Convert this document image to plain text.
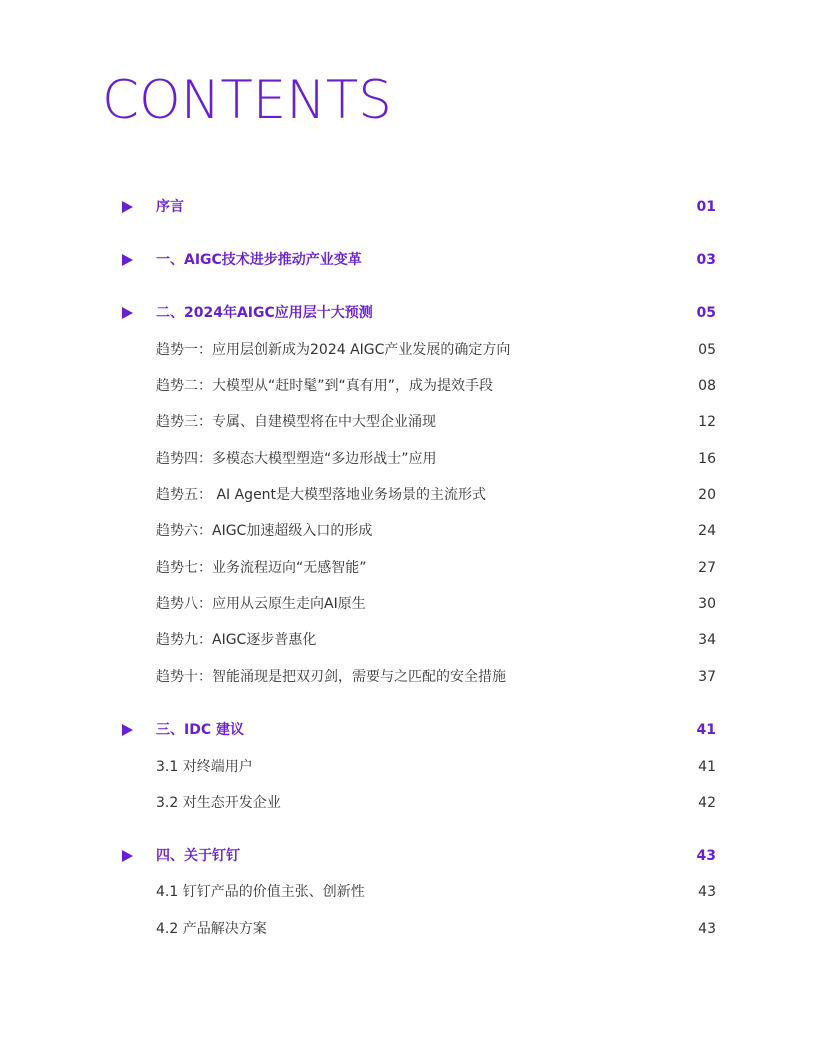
CONTENTS
序言	01
一、AIGC技术进步推动产业变革	03
二、2024年AIGC应用层十大预测	05
趋势一：应用层创新成为2024 AIGC产业发展的确定方向	05
趋势二：大模型从“赶时髦”到“真有用”，成为提效手段	08
趋势三：专属、自建模型将在中大型企业涌现	12
趋势四：多模态大模型塑造“多边形战士”应用	16
趋势五： AI Agent是大模型落地业务场景的主流形式	20
趋势六：AIGC加速超级入口的形成	24
趋势七：业务流程迈向“无感智能”	27
趋势八：应用从云原生走向AI原生	30
趋势九：AIGC逐步普惠化	34
趋势十：智能涌现是把双刃剑，需要与之匹配的安全措施	37
三、IDC 建议	41
3.1 对终端用户	41
3.2 对生态开发企业	42
四、关于钉钉	43
4.1 钉钉产品的价值主张、创新性	43
4.2 产品解决方案	43
